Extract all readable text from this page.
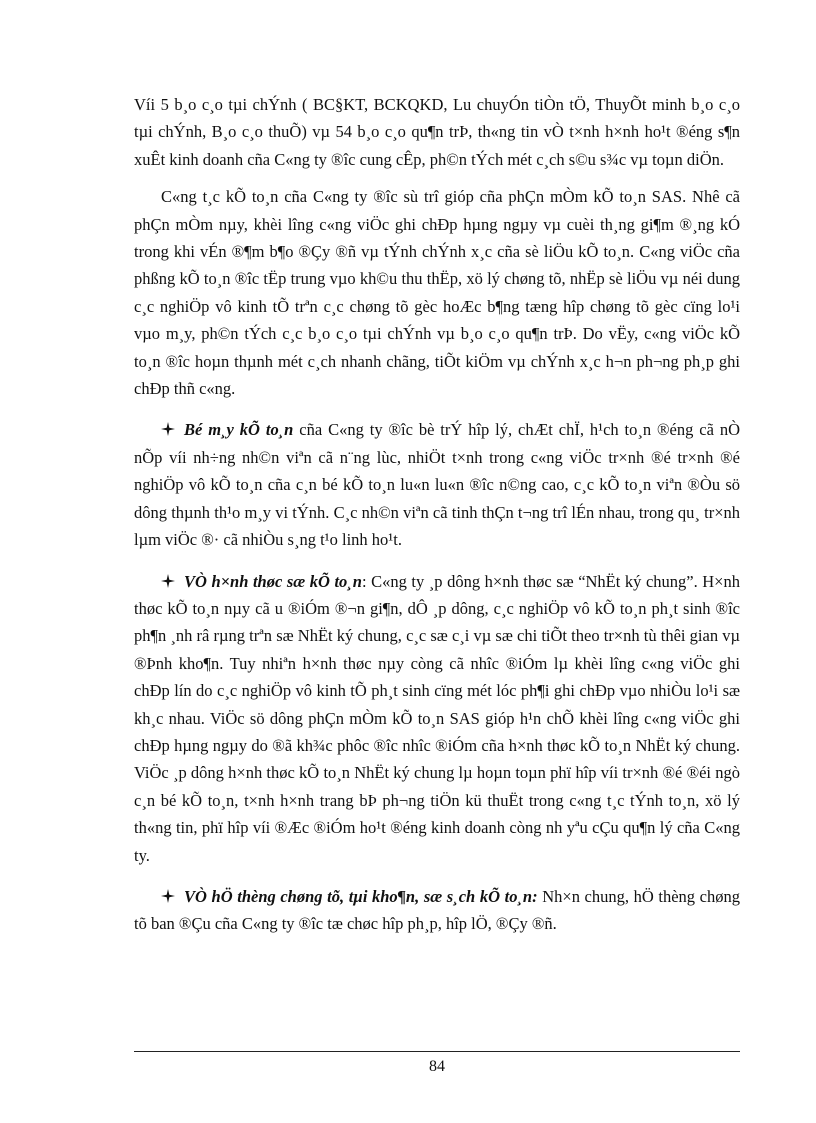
Víi 5 b¸o c¸o tµi chÝnh ( BC§KT, BCKQKD, Lu chuyÓn tiÒn tÖ, ThuyÕt minh b¸o c¸o tµi chÝnh, B¸o c¸o thuÕ) vµ 54 b¸o c¸o qu¶n trÞ, th«ng tin vÒ t×nh h×nh ho¹t ®éng s¶n xuÊt kinh doanh cña C«ng ty ®îc cung cÊp, ph©n tÝch mét c¸ch s©u s¾c vµ toµn diÖn.

C«ng t¸c kÕ to¸n cña C«ng ty ®îc sù trî gióp cña phÇn mÒm kÕ to¸n SAS. Nhê cã phÇn mÒm nµy, khèi lîng c«ng viÖc ghi chÐp hµng ngµy vµ cuèi th¸ng gi¶m ®¸ng kÓ trong khi vÉn ®¶m b¶o ®Çy ®ñ vµ tÝnh chÝnh x¸c cña sè liÖu kÕ to¸n. C«ng viÖc cña phßng kÕ to¸n ®îc tËp trung vµo kh©u thu thËp, xö lý chøng tõ, nhËp sè liÖu vµ néi dung c¸c nghiÖp vô kinh tÕ trªn c¸c chøng tõ gèc hoÆc b¶ng tæng hîp chøng tõ gèc cïng lo¹i vµo m¸y, ph©n tÝch c¸c b¸o c¸o tµi chÝnh vµ b¸o c¸o qu¶n trÞ. Do vËy, c«ng viÖc kÕ to¸n ®îc hoµn thµnh mét c¸ch nhanh chãng, tiÕt kiÖm vµ chÝnh x¸c h¬n ph¬ng ph¸p ghi chÐp thñ c«ng.

Bé m¸y kÕ to¸n cña C«ng ty ®îc bè trÝ hîp lý, chÆt chÏ, h¹ch to¸n ®éng cã nÒ nÕp víi nh÷ng nh©n viªn cã n¨ng lùc, nhiÖt t×nh trong c«ng viÖc tr×nh ®é tr×nh ®é nghiÖp vô kÕ to¸n cña c¸n bé kÕ to¸n lu«n lu«n ®îc n©ng cao, c¸c kÕ to¸n viªn ®Òu sö dông thµnh th¹o m¸y vi tÝnh. C¸c nh©n viªn cã tinh thÇn t¬ng trî lÉn nhau, trong qu¸ tr×nh lµm viÖc ®· cã nhiÒu s¸ng t¹o linh ho¹t.

VÒ h×nh thøc sæ kÕ to¸n: C«ng ty ¸p dông h×nh thøc sæ “NhËt ký chung”. H×nh thøc kÕ to¸n nµy cã u ®iÓm ®¬n gi¶n, dÔ ¸p dông, c¸c nghiÖp vô kÕ to¸n ph¸t sinh ®îc ph¶n ¸nh râ rµng trªn sæ NhËt ký chung, c¸c sæ c¸i vµ sæ chi tiÕt theo tr×nh tù thêi gian vµ ®Þnh kho¶n. Tuy nhiªn h×nh thøc nµy còng cã nhîc ®iÓm lµ khèi lîng c«ng viÖc ghi chÐp lín do c¸c nghiÖp vô kinh tÕ ph¸t sinh cïng mét lóc ph¶i ghi chÐp vµo nhiÒu lo¹i sæ kh¸c nhau. ViÖc sö dông phÇn mÒm kÕ to¸n SAS gióp h¹n chÕ khèi lîng c«ng viÖc ghi chÐp hµng ngµy do ®ã kh¾c phôc ®îc nhîc ®iÓm cña h×nh thøc kÕ to¸n NhËt ký chung. ViÖc ¸p dông h×nh thøc kÕ to¸n NhËt ký chung lµ hoµn toµn phï hîp víi tr×nh ®é ®éi ngò c¸n bé kÕ to¸n, t×nh h×nh trang bÞ ph¬ng tiÖn kü thuËt trong c«ng t¸c tÝnh to¸n, xö lý th«ng tin, phï hîp víi ®Æc ®iÓm ho¹t ®éng kinh doanh còng nh yªu cÇu qu¶n lý cña C«ng ty.

VÒ hÖ thèng chøng tõ, tµi kho¶n, sæ s¸ch kÕ to¸n: Nh×n chung, hÖ thèng chøng tõ ban ®Çu cña C«ng ty ®îc tæ chøc hîp ph¸p, hîp lÖ, ®Çy ®ñ.

84
